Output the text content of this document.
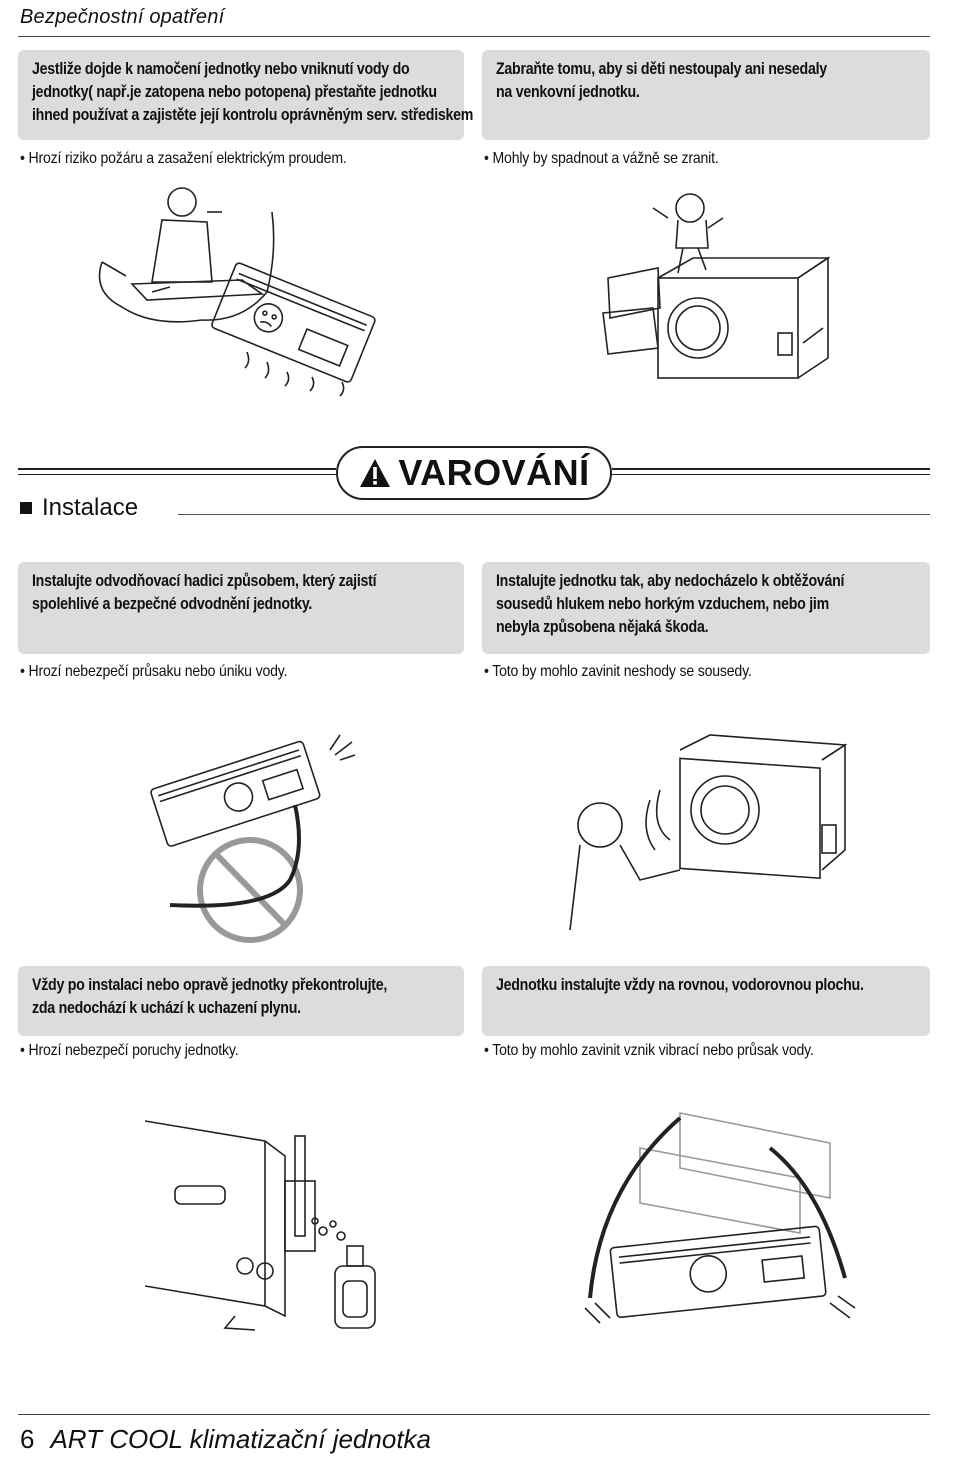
Bezpečnostní opatření
Jestliže dojde k namočení jednotky nebo vniknutí vody do
jednotky( např.je zatopena nebo potopena) přestaňte jednotku
ihned používat a zajistěte její kontrolu oprávněným serv. střediskem
• Hrozí riziko požáru a zasažení elektrickým proudem.
Zabraňte tomu, aby si děti nestoupaly ani nesedaly
na venkovní jednotku.
• Mohly by spadnout a vážně se zranit.
VAROVÁNÍ
Instalace
Instalujte odvodňovací hadici způsobem, který zajistí
spolehlivé a bezpečné odvodnění jednotky.
• Hrozí nebezpečí průsaku nebo úniku vody.
Instalujte jednotku tak, aby nedocházelo k obtěžování
sousedů hlukem nebo horkým vzduchem, nebo jim
nebyla způsobena nějaká škoda.
• Toto by mohlo zavinit neshody se sousedy.
Vždy po instalaci nebo opravě jednotky překontrolujte,
zda nedochází k uchází k uchazení plynu.
• Hrozí nebezpečí poruchy jednotky.
Jednotku instalujte vždy na rovnou, vodorovnou plochu.
• Toto by mohlo zavinit vznik vibrací nebo průsak vody.
6 ART COOL klimatizační jednotka
